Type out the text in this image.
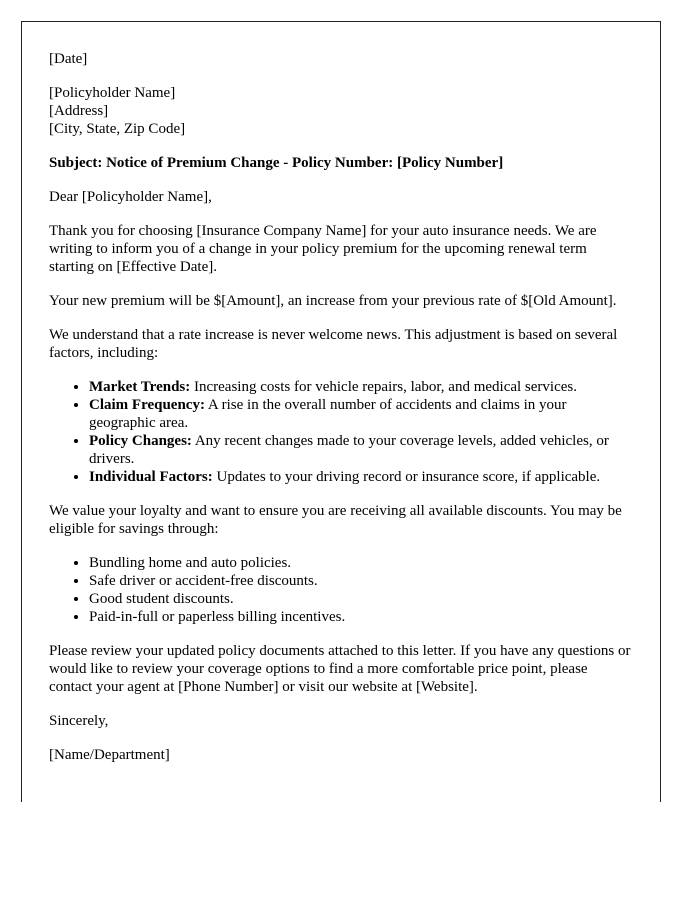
[Date]

[Policyholder Name]

[Address]

[City, State, Zip Code]

Subject: Notice of Premium Change - Policy Number: [Policy Number]

Dear [Policyholder Name],

Thank you for choosing [Insurance Company Name] for your auto insurance needs. We are writing to inform you of a change in your policy premium for the upcoming renewal term starting on [Effective Date].

Your new premium will be $[Amount], an increase from your previous rate of $[Old Amount].

We understand that a rate increase is never welcome news. This adjustment is based on several factors, including:

• Market Trends: Increasing costs for vehicle repairs, labor, and medical services.
• Claim Frequency: A rise in the overall number of accidents and claims in your geographic area.
• Policy Changes: Any recent changes made to your coverage levels, added vehicles, or drivers.
• Individual Factors: Updates to your driving record or insurance score, if applicable.

We value your loyalty and want to ensure you are receiving all available discounts. You may be eligible for savings through:

• Bundling home and auto policies.
• Safe driver or accident-free discounts.
• Good student discounts.
• Paid-in-full or paperless billing incentives.

Please review your updated policy documents attached to this letter. If you have any questions or would like to review your coverage options to find a more comfortable price point, please contact your agent at [Phone Number] or visit our website at [Website].

Sincerely,

[Name/Department]
